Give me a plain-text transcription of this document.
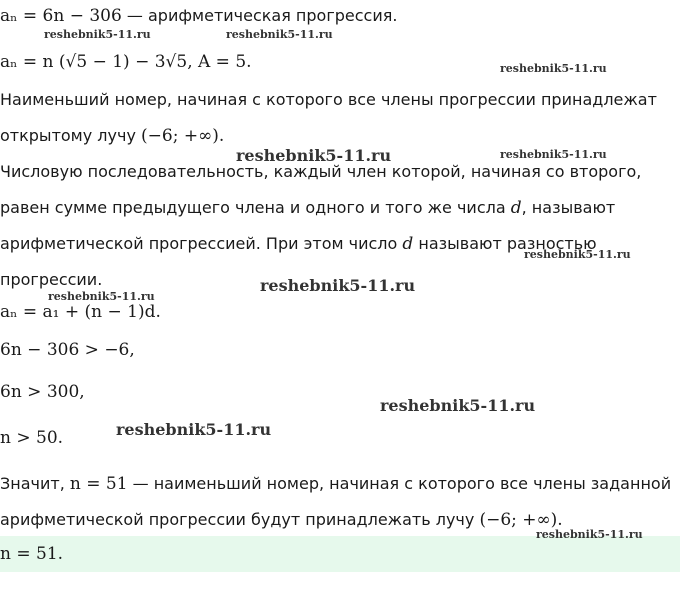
aₙ = 6n − 306 — арифметическая прогрессия.
aₙ = n (√5 − 1) − 3√5, A = 5.
Наименьший номер, начиная с которого все члены прогрессии принадлежат
открытому лучу (−6; +∞).
Числовую последовательность, каждый член которой, начиная со второго,
равен сумме предыдущего члена и одного и того же числа d, называют
арифметической прогрессией. При этом число d называют разностью
прогрессии.
aₙ = a₁ + (n − 1)d.
6n − 306 > −6,
6n > 300,
n > 50.
Значит, n = 51 — наименьший номер, начиная с которого все члены заданной
арифметической прогрессии будут принадлежать лучу (−6; +∞).
n = 51.
reshebnik5-11.ru	reshebnik5-11.ru
reshebnik5-11.ru
reshebnik5-11.ru	reshebnik5-11.ru
reshebnik5-11.ru
reshebnik5-11.ru
reshebnik5-11.ru
reshebnik5-11.ru
reshebnik5-11.ru
reshebnik5-11.ru
